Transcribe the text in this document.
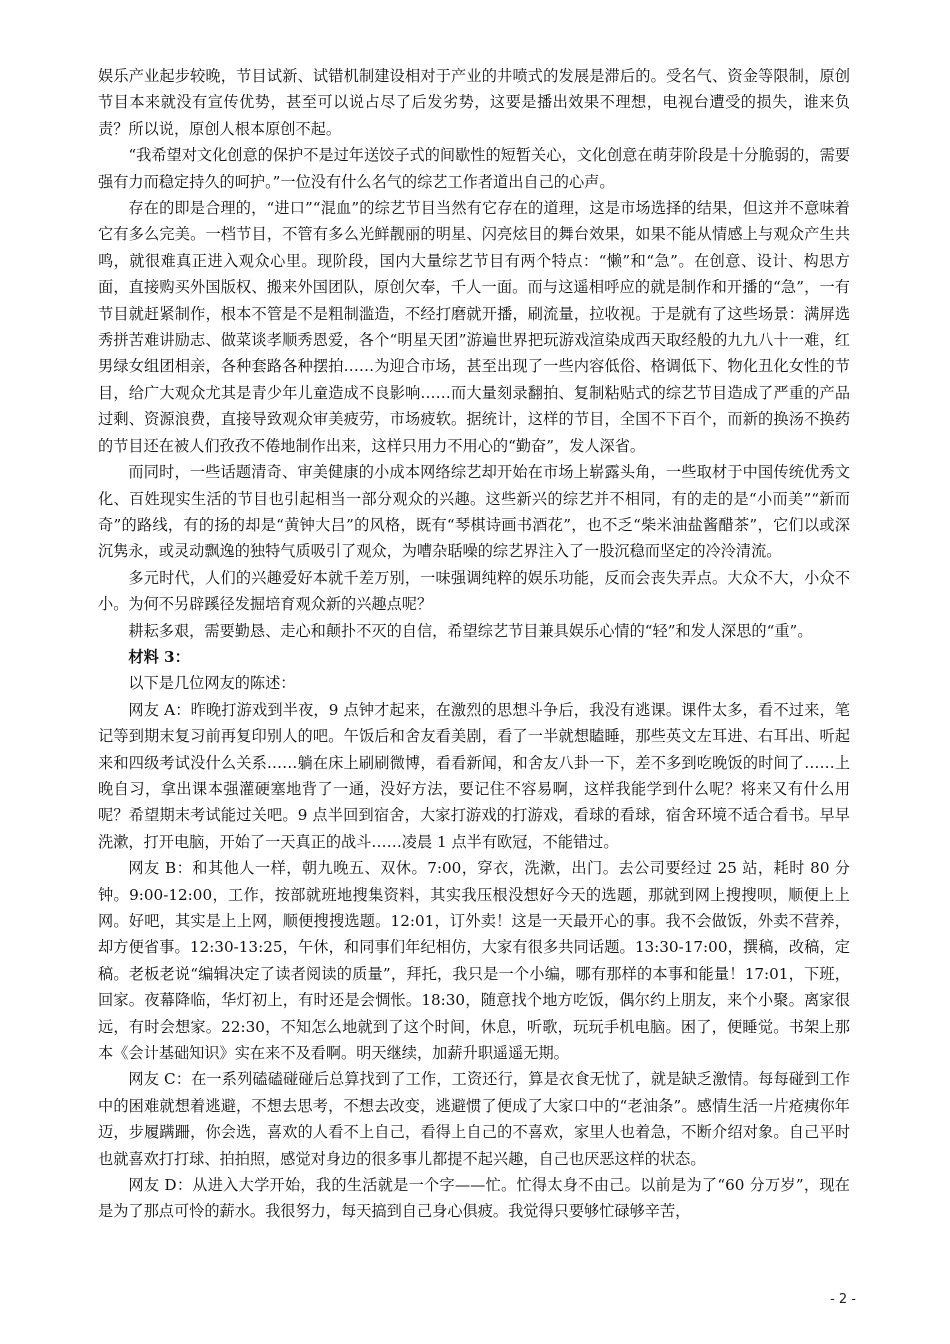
娱乐产业起步较晚，节目试新、试错机制建设相对于产业的井喷式的发展是滞后的。受名气、资金等限制，原创节目本来就没有宣传优势，甚至可以说占尽了后发劣势，这要是播出效果不理想，电视台遭受的损失，谁来负责？所以说，原创人根本原创不起。

“我希望对文化创意的保护不是过年送饺子式的间歇性的短暂关心，文化创意在萌芽阶段是十分脆弱的，需要强有力而稳定持久的呵护。”一位没有什么名气的综艺工作者道出自己的心声。

存在的即是合理的，“进口”“混血”的综艺节目当然有它存在的道理，这是市场选择的结果，但这并不意味着它有多么完美。一档节目，不管有多么光鲜靓丽的明星、闪亮炫目的舞台效果，如果不能从情感上与观众产生共鸣，就很难真正进入观众心里。现阶段，国内大量综艺节目有两个特点：“懒”和“急”。在创意、设计、构思方面，直接购买外国版权、搬来外国团队，原创欠奉，千人一面。而与这遥相呼应的就是制作和开播的“急”，一有节目就赶紧制作，根本不管是不是粗制滥造，不经打磨就开播，刷流量，拉收视。于是就有了这些场景：满屏选秀拼苦难讲励志、做菜谈孝顺秀恩爱，各个“明星天团”游遍世界把玩游戏渲染成西天取经般的九九八十一难，红男绿女组团相亲，各种套路各种摆拍……为迎合市场，甚至出现了一些内容低俗、格调低下、物化丑化女性的节目，给广大观众尤其是青少年儿童造成不良影响……而大量刻录翻拍、复制粘贴式的综艺节目造成了严重的产品过剩、资源浪费，直接导致观众审美疲劳，市场疲软。据统计，这样的节目，全国不下百个，而新的换汤不换药的节目还在被人们孜孜不倦地制作出来，这样只用力不用心的“勤奋”，发人深省。

而同时，一些话题清奇、审美健康的小成本网络综艺却开始在市场上崭露头角，一些取材于中国传统优秀文化、百姓现实生活的节目也引起相当一部分观众的兴趣。这些新兴的综艺并不相同，有的走的是“小而美”“新而奇”的路线，有的扬的却是“黄钟大吕”的风格，既有“琴棋诗画书酒花”，也不乏“柴米油盐酱醋茶”，它们以或深沉隽永，或灵动飘逸的独特气质吸引了观众，为嘈杂聒噪的综艺界注入了一股沉稳而坚定的冷泠清流。

多元时代，人们的兴趣爱好本就千差万别，一味强调纯粹的娱乐功能，反而会丧失弄点。大众不大，小众不小。为何不另辟蹊径发掘培育观众新的兴趣点呢？

耕耘多艰，需要勤恳、走心和颠扑不灭的自信，希望综艺节目兼具娱乐心情的“轻”和发人深思的“重”。

材料 3：

以下是几位网友的陈述：

网友 A：昨晚打游戏到半夜，9 点钟才起来，在激烈的思想斗争后，我没有逃课。课件太多，看不过来，笔记等到期末复习前再复印别人的吧。午饭后和舍友看美剧，看了一半就想瞌睡，那些英文左耳进、右耳出、听起来和四级考试没什么关系……躺在床上刷刷微博，看看新闻，和舍友八卦一下，差不多到吃晚饭的时间了……上晚自习，拿出课本强灌硬塞地背了一通，没好方法，要记住不容易啊，这样我能学到什么呢？将来又有什么用呢？希望期末考试能过关吧。9 点半回到宿舍，大家打游戏的打游戏，看球的看球，宿舍环境不适合看书。早早洗漱，打开电脑，开始了一天真正的战斗……凌晨 1 点半有欧冠，不能错过。

网友 B：和其他人一样，朝九晚五、双休。7:00，穿衣，洗漱，出门。去公司要经过 25 站，耗时 80 分钟。9:00-12:00，工作，按部就班地搜集资料，其实我压根没想好今天的选题，那就到网上搜搜呗，顺便上上网。好吧，其实是上上网，顺便搜搜选题。12:01，订外卖！这是一天最开心的事。我不会做饭，外卖不营养，却方便省事。12:30-13:25，午休，和同事们年纪相仿，大家有很多共同话题。13:30-17:00，撰稿，改稿，定稿。老板老说“编辑决定了读者阅读的质量”，拜托，我只是一个小编，哪有那样的本事和能量！17:01，下班，回家。夜幕降临，华灯初上，有时还是会惆怅。18:30，随意找个地方吃饭，偶尔约上朋友，来个小聚。离家很远，有时会想家。22:30，不知怎么地就到了这个时间，休息，听歌，玩玩手机电脑。困了，便睡觉。书架上那本《会计基础知识》实在来不及看啊。明天继续，加薪升职遥遥无期。

网友 C：在一系列磕磕碰碰后总算找到了工作，工资还行，算是衣食无忧了，就是缺乏激情。每每碰到工作中的困难就想着逃避，不想去思考，不想去改变，逃避惯了便成了大家口中的“老油条”。感情生活一片疮痍你年迈，步履蹒跚，你会选，喜欢的人看不上自己，看得上自己的不喜欢，家里人也着急，不断介绍对象。自己平时也就喜欢打打球、拍拍照，感觉对身边的很多事儿都提不起兴趣，自己也厌恶这样的状态。

网友 D：从进入大学开始，我的生活就是一个字——忙。忙得太身不由己。以前是为了“60 分万岁”，现在是为了那点可怜的薪水。我很努力，每天搞到自己身心俱疲。我觉得只要够忙碌够辛苦，

- 2 -
